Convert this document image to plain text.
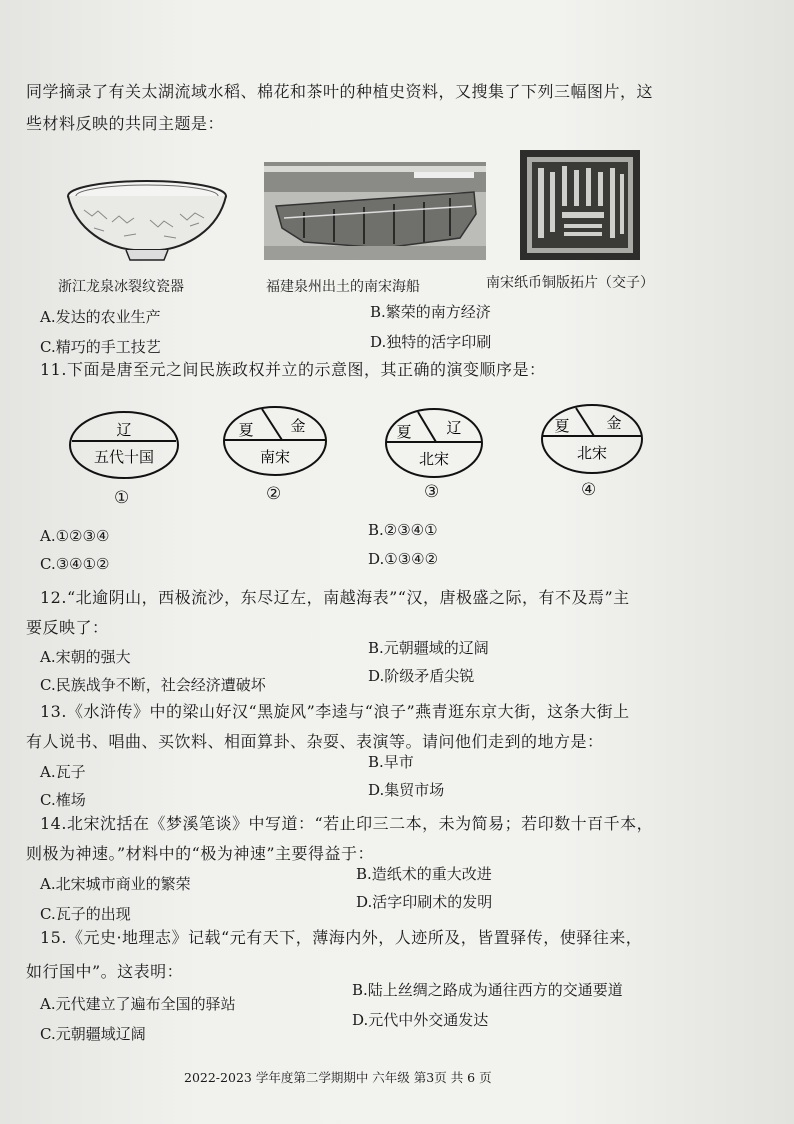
同学摘录了有关太湖流域水稻、棉花和茶叶的种植史资料，又搜集了下列三幅图片，这
些材料反映的共同主题是：
浙江龙泉冰裂纹瓷器	福建泉州出土的南宋海船	南宋纸币铜版拓片（交子）
A.发达的农业生产	B.繁荣的南方经济
C.精巧的手工技艺	D.独特的活字印刷
11.下面是唐至元之间民族政权并立的示意图，其正确的演变顺序是：
辽
五代十国
①
夏 金
南宋
②
夏 辽
北宋
③
夏 金
北宋
④
A.①②③④	B.②③④①
C.③④①②	D.①③④②
12.“北逾阴山，西极流沙，东尽辽左，南越海表”“汉，唐极盛之际，有不及焉”主
要反映了：
A.宋朝的强大	B.元朝疆域的辽阔
C.民族战争不断，社会经济遭破坏	D.阶级矛盾尖锐
13.《水浒传》中的梁山好汉“黑旋风”李逵与“浪子”燕青逛东京大街，这条大街上
有人说书、唱曲、买饮料、相面算卦、杂耍、表演等。请问他们走到的地方是：
A.瓦子
B.早市
C.榷场
D.集贸市场
14.北宋沈括在《梦溪笔谈》中写道：“若止印三二本，未为简易；若印数十百千本，
则极为神速。”材料中的“极为神速”主要得益于：
A.北宋城市商业的繁荣
B.造纸术的重大改进
C.瓦子的出现
D.活字印刷术的发明
15.《元史·地理志》记载“元有天下，薄海内外，人迹所及，皆置驿传，使驿往来，
如行国中”。这表明：
A.元代建立了遍布全国的驿站
B.陆上丝绸之路成为通往西方的交通要道
C.元朝疆域辽阔
D.元代中外交通发达
2022-2023 学年度第二学期期中 六年级 第3页 共 6 页
